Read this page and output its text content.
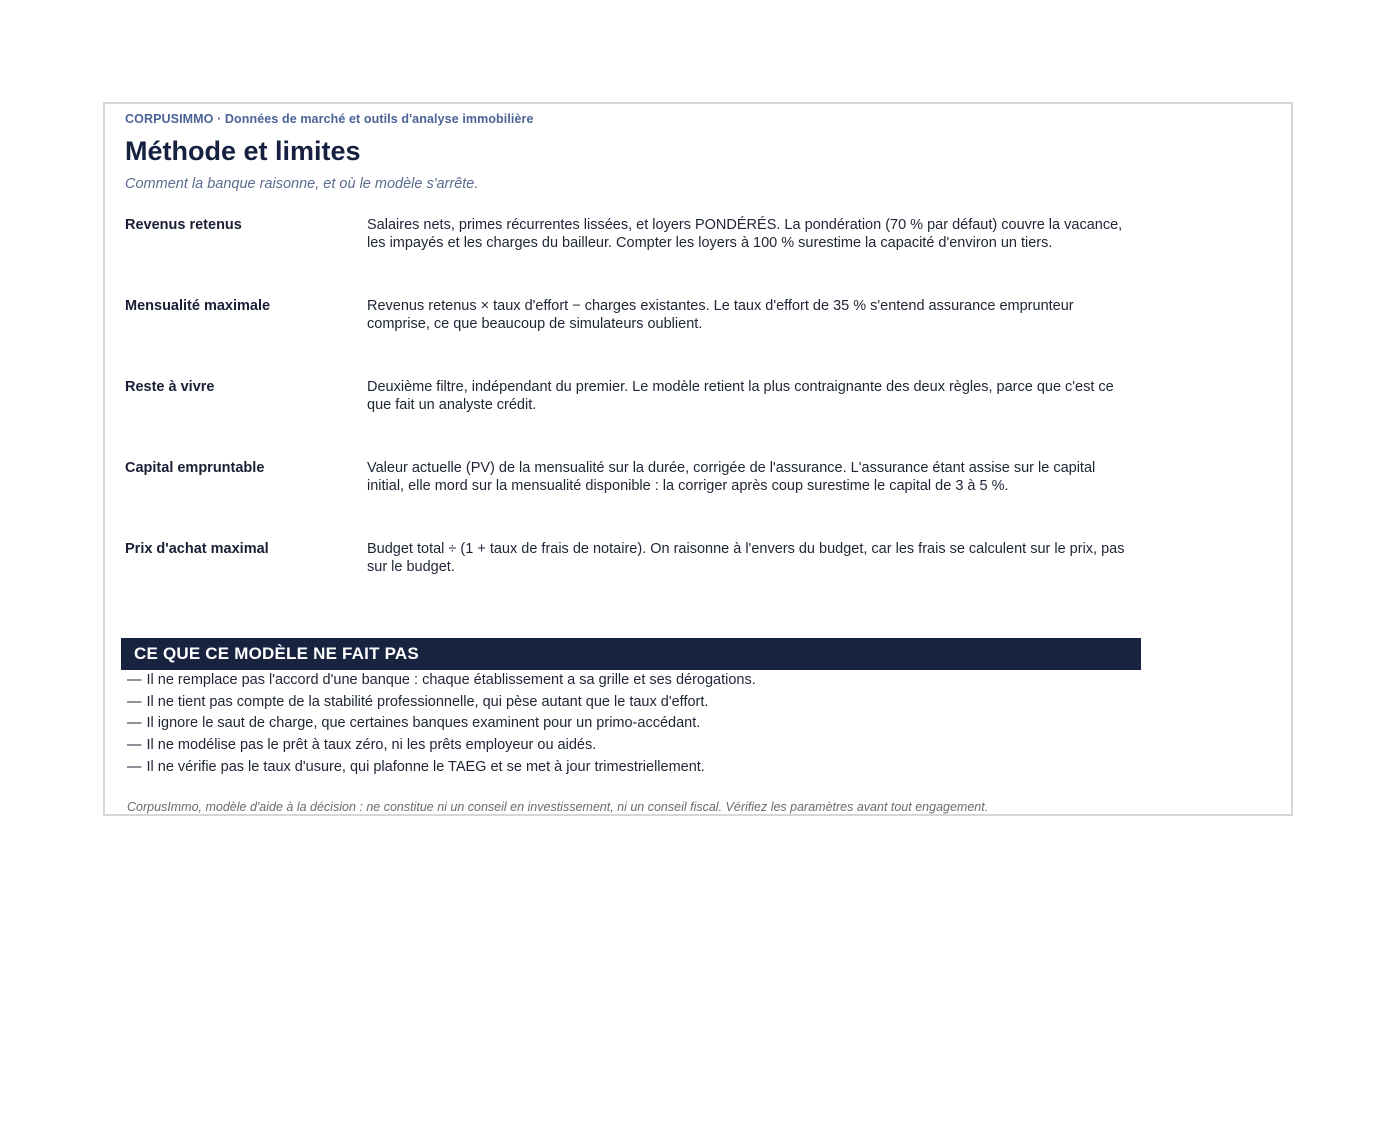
CORPUSIMMO · Données de marché et outils d'analyse immobilière
Méthode et limites
Comment la banque raisonne, et où le modèle s'arrête.
Revenus retenus	Salaires nets, primes récurrentes lissées, et loyers PONDÉRÉS. La pondération (70 % par défaut) couvre la vacance, les impayés et les charges du bailleur. Compter les loyers à 100 % surestime la capacité d'environ un tiers.
Mensualité maximale	Revenus retenus × taux d'effort − charges existantes. Le taux d'effort de 35 % s'entend assurance emprunteur comprise, ce que beaucoup de simulateurs oublient.
Reste à vivre	Deuxième filtre, indépendant du premier. Le modèle retient la plus contraignante des deux règles, parce que c'est ce que fait un analyste crédit.
Capital empruntable	Valeur actuelle (PV) de la mensualité sur la durée, corrigée de l'assurance. L'assurance étant assise sur le capital initial, elle mord sur la mensualité disponible : la corriger après coup surestime le capital de 3 à 5 %.
Prix d'achat maximal	Budget total ÷ (1 + taux de frais de notaire). On raisonne à l'envers du budget, car les frais se calculent sur le prix, pas sur le budget.
CE QUE CE MODÈLE NE FAIT PAS
— Il ne remplace pas l'accord d'une banque : chaque établissement a sa grille et ses dérogations.
— Il ne tient pas compte de la stabilité professionnelle, qui pèse autant que le taux d'effort.
— Il ignore le saut de charge, que certaines banques examinent pour un primo-accédant.
— Il ne modélise pas le prêt à taux zéro, ni les prêts employeur ou aidés.
— Il ne vérifie pas le taux d'usure, qui plafonne le TAEG et se met à jour trimestriellement.
CorpusImmo, modèle d'aide à la décision : ne constitue ni un conseil en investissement, ni un conseil fiscal. Vérifiez les paramètres avant tout engagement.
